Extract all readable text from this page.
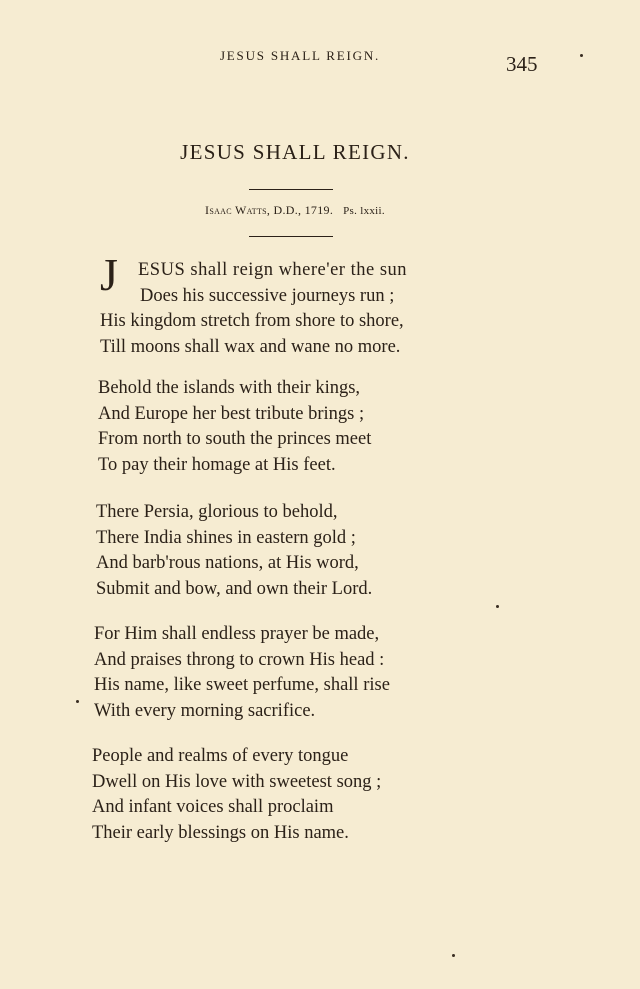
JESUS SHALL REIGN.	345
JESUS SHALL REIGN.
Isaac Watts, D.D., 1719. Ps. lxxii.
J	ESUS shall reign where'er the sun
Does his successive journeys run ;
His kingdom stretch from shore to shore,
Till moons shall wax and wane no more.
Behold the islands with their kings,
And Europe her best tribute brings ;
From north to south the princes meet
To pay their homage at His feet.
There Persia, glorious to behold,
There India shines in eastern gold ;
And barb'rous nations, at His word,
Submit and bow, and own their Lord.
For Him shall endless prayer be made,
And praises throng to crown His head :
His name, like sweet perfume, shall rise
With every morning sacrifice.
People and realms of every tongue
Dwell on His love with sweetest song ;
And infant voices shall proclaim
Their early blessings on His name.
